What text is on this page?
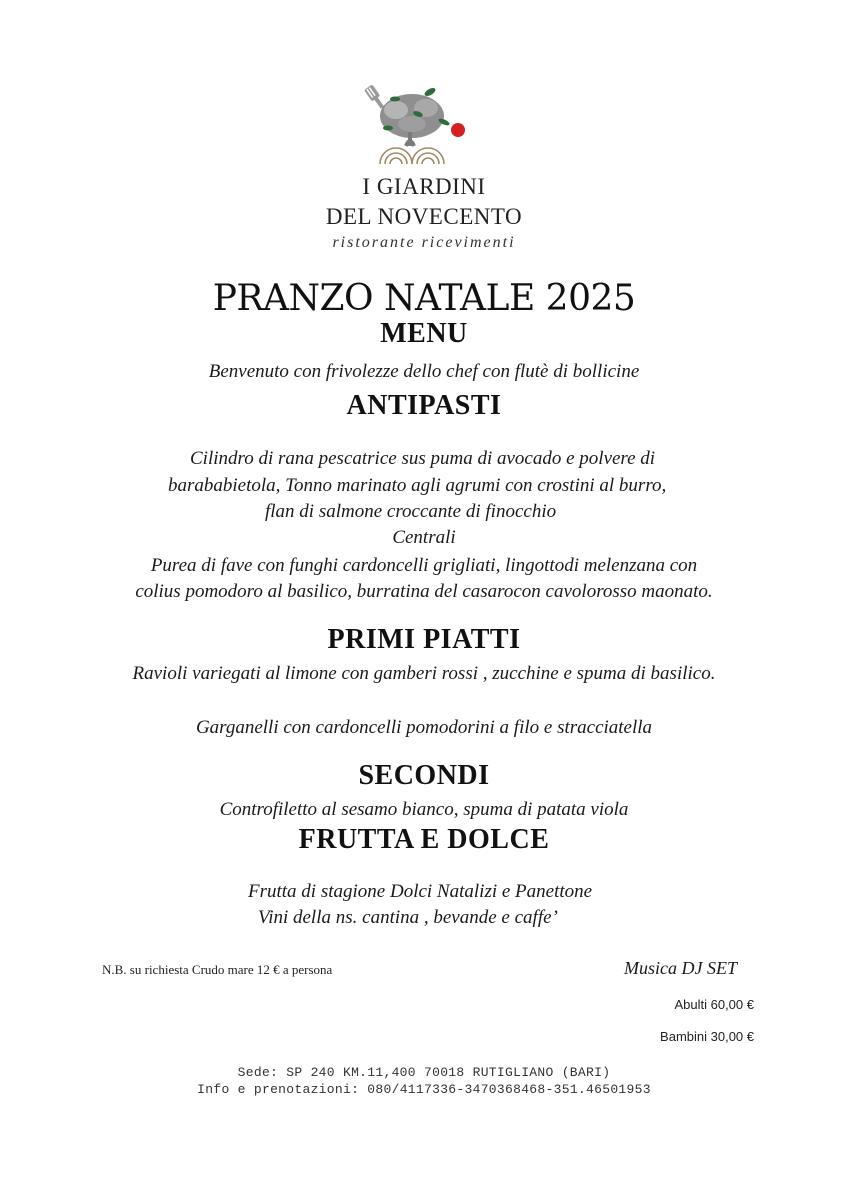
I GIARDINI
DEL NOVECENTO
ristorante ricevimenti
PRANZO NATALE 2025
MENU
Benvenuto con frivolezze dello chef con flutè di bollicine
ANTIPASTI
Cilindro di rana pescatrice sus puma di avocado e polvere di
barababietola, Tonno marinato agli agrumi con crostini al burro,
flan di salmone croccante di finocchio
Centrali
Purea di fave con funghi cardoncelli grigliati, lingottodi melenzana con
colius pomodoro al basilico, burratina del casarocon cavolorosso maonato.
PRIMI PIATTI
Ravioli variegati al limone con gamberi rossi , zucchine e spuma di basilico.
Garganelli con cardoncelli pomodorini a filo e stracciatella
SECONDI
Controfiletto al sesamo bianco, spuma di patata viola
FRUTTA E DOLCE
Frutta di stagione Dolci Natalizi e Panettone
Vini della ns. cantina , bevande e caffe’
N.B. su richiesta Crudo mare 12 € a persona	Musica DJ SET
Abulti 60,00 €
Bambini 30,00 €
Sede: SP 240 KM.11,400 70018 RUTIGLIANO (BARI)
Info e prenotazioni: 080/4117336-3470368468-351.46501953
